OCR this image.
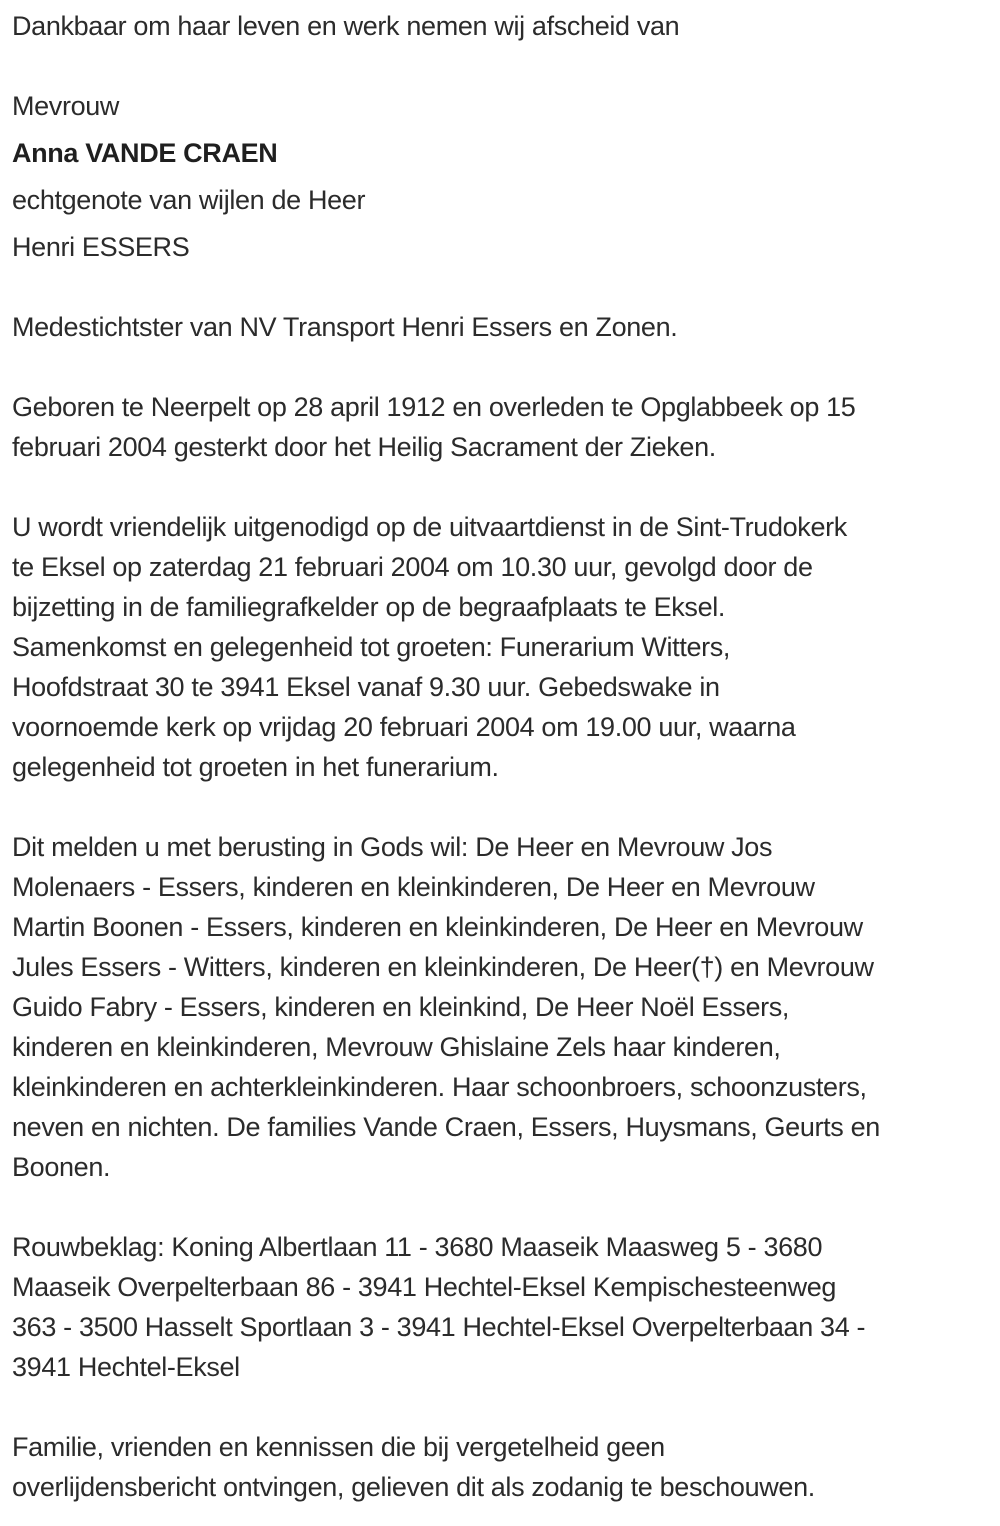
Dankbaar om haar leven en werk nemen wij afscheid van

Mevrouw
Anna VANDE CRAEN
echtgenote van wijlen de Heer
Henri ESSERS

Medestichtster van NV Transport Henri Essers en Zonen.

Geboren te Neerpelt op 28 april 1912 en overleden te Opglabbeek op 15
februari 2004 gesterkt door het Heilig Sacrament der Zieken.

U wordt vriendelijk uitgenodigd op de uitvaartdienst in de Sint-Trudokerk
te Eksel op zaterdag 21 februari 2004 om 10.30 uur, gevolgd door de
bijzetting in de familiegrafkelder op de begraafplaats te Eksel.
Samenkomst en gelegenheid tot groeten: Funerarium Witters,
Hoofdstraat 30 te 3941 Eksel vanaf 9.30 uur. Gebedswake in
voornoemde kerk op vrijdag 20 februari 2004 om 19.00 uur, waarna
gelegenheid tot groeten in het funerarium.

Dit melden u met berusting in Gods wil: De Heer en Mevrouw Jos
Molenaers - Essers, kinderen en kleinkinderen, De Heer en Mevrouw
Martin Boonen - Essers, kinderen en kleinkinderen, De Heer en Mevrouw
Jules Essers - Witters, kinderen en kleinkinderen, De Heer(†) en Mevrouw
Guido Fabry - Essers, kinderen en kleinkind, De Heer Noël Essers,
kinderen en kleinkinderen, Mevrouw Ghislaine Zels haar kinderen,
kleinkinderen en achterkleinkinderen. Haar schoonbroers, schoonzusters,
neven en nichten. De families Vande Craen, Essers, Huysmans, Geurts en
Boonen.

Rouwbeklag: Koning Albertlaan 11 - 3680 Maaseik Maasweg 5 - 3680
Maaseik Overpelterbaan 86 - 3941 Hechtel-Eksel Kempischesteenweg
363 - 3500 Hasselt Sportlaan 3 - 3941 Hechtel-Eksel Overpelterbaan 34 -
3941 Hechtel-Eksel

Familie, vrienden en kennissen die bij vergetelheid geen
overlijdensbericht ontvingen, gelieven dit als zodanig te beschouwen.
